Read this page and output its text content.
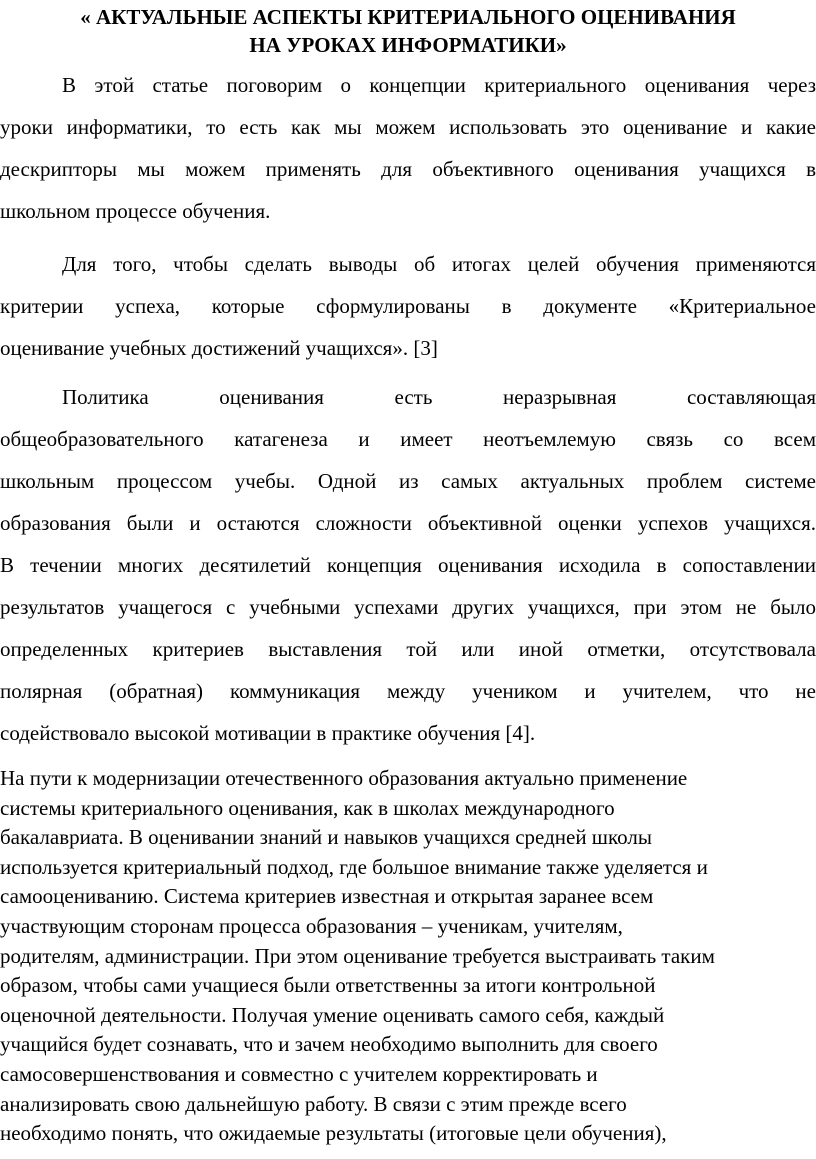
« АКТУАЛЬНЫЕ АСПЕКТЫ КРИТЕРИАЛЬНОГО ОЦЕНИВАНИЯ
НА УРОКАХ ИНФОРМАТИКИ»

В этой статье поговорим о концепции критериального оценивания через
уроки информатики, то есть как мы можем использовать это оценивание и какие
дескрипторы мы можем применять для объективного оценивания учащихся в
школьном процессе обучения.

Для того, чтобы сделать выводы об итогах целей обучения применяются
критерии успеха, которые сформулированы в документе «Критериальное
оценивание учебных достижений учащихся». [3]

Политика оценивания есть неразрывная составляющая
общеобразовательного катагенеза и имеет неотъемлемую связь со всем
школьным процессом учебы. Одной из самых актуальных проблем системе
образования были и остаются сложности объективной оценки успехов учащихся.
В течении многих десятилетий концепция оценивания исходила в сопоставлении
результатов учащегося с учебными успехами других учащихся, при этом не было
определенных критериев выставления той или иной отметки, отсутствовала
полярная (обратная) коммуникация между учеником и учителем, что не
содействовало высокой мотивации в практике обучения [4].

На пути к модернизации отечественного образования актуально применение
системы критериального оценивания, как в школах международного
бакалавриата. В оценивании знаний и навыков учащихся средней школы
используется критериальный подход, где большое внимание также уделяется и
самооцениванию. Система критериев известная и открытая заранее всем
участвующим сторонам процесса образования – ученикам, учителям,
родителям, администрации. При этом оценивание требуется выстраивать таким
образом, чтобы сами учащиеся были ответственны за итоги контрольной
оценочной деятельности. Получая умение оценивать самого себя, каждый
учащийся будет сознавать, что и зачем необходимо выполнить для своего
самосовершенствования и совместно с учителем корректировать и
анализировать свою дальнейшую работу. В связи с этим прежде всего
необходимо понять, что ожидаемые результаты (итоговые цели обучения),
